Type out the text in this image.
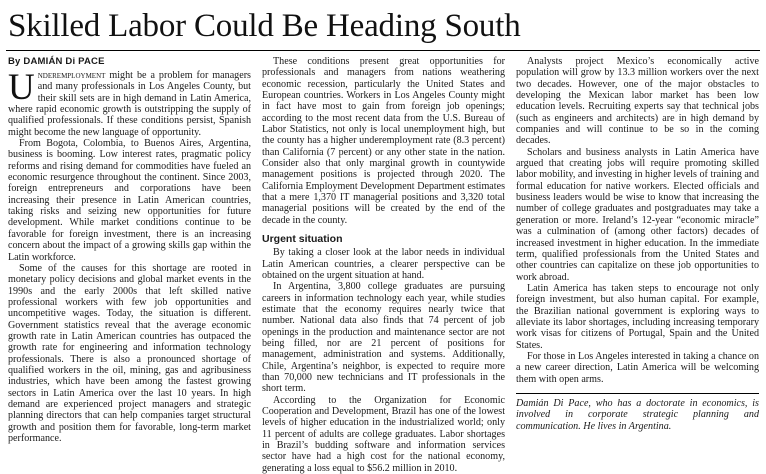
Skilled Labor Could Be Heading South
By DAMIÁN Di PACE

Underemployment might be a problem for managers and many professionals in Los Angeles County, but their skill sets are in high demand in Latin America, where rapid economic growth is outstripping the supply of qualified professionals. If these conditions persist, Spanish might become the new language of opportunity.

From Bogota, Colombia, to Buenos Aires, Argentina, business is booming. Low interest rates, pragmatic policy reforms and rising demand for commodities have fueled an economic resurgence throughout the continent. Since 2003, foreign entrepreneurs and corporations have been increasing their presence in Latin American countries, taking risks and seizing new opportunities for future development. While market conditions continue to be favorable for foreign investment, there is an increasing concern about the impact of a growing skills gap within the Latin workforce.

Some of the causes for this shortage are rooted in monetary policy decisions and global market events in the 1990s and the early 2000s that left skilled native professional workers with few job opportunities and uncompetitive wages. Today, the situation is different. Government statistics reveal that the average economic growth rate in Latin American countries has outpaced the growth rate for engineering and information technology professionals. There is also a pronounced shortage of qualified workers in the oil, mining, gas and agribusiness industries, which have been among the fastest growing sectors in Latin America over the last 10 years. In high demand are experienced project managers and strategic planning directors that can help companies target structural growth and position them for favorable, long-term market performance.

These conditions present great opportunities for professionals and managers from nations weathering economic recession, particularly the United States and European countries. Workers in Los Angeles County might in fact have most to gain from foreign job openings; according to the most recent data from the U.S. Bureau of Labor Statistics, not only is local unemployment high, but the county has a higher underemployment rate (8.3 percent) than California (7 percent) or any other state in the nation. Consider also that only marginal growth in countywide management positions is projected through 2020. The California Employment Development Department estimates that a mere 1,370 IT managerial positions and 3,320 total managerial positions will be created by the end of the decade in the county.

Urgent situation

By taking a closer look at the labor needs in individual Latin American countries, a clearer perspective can be obtained on the urgent situation at hand.

In Argentina, 3,800 college graduates are pursuing careers in information technology each year, while studies estimate that the economy requires nearly twice that number. National data also finds that 74 percent of job openings in the production and maintenance sector are not being filled, nor are 21 percent of positions for management, administration and systems. Additionally, Chile, Argentina’s neighbor, is expected to require more than 70,000 new technicians and IT professionals in the short term.

According to the Organization for Economic Cooperation and Development, Brazil has one of the lowest levels of higher education in the industrialized world; only 11 percent of adults are college graduates. Labor shortages in Brazil’s budding software and information services sector have had a high cost for the national economy, generating a loss equal to $56.2 million in 2010.

Analysts project Mexico’s economically active population will grow by 13.3 million workers over the next two decades. However, one of the major obstacles to developing the Mexican labor market has been low education levels. Recruiting experts say that technical jobs (such as engineers and architects) are in high demand by companies and will continue to be so in the coming decades.

Scholars and business analysts in Latin America have argued that creating jobs will require promoting skilled labor mobility, and investing in higher levels of training and formal education for native workers. Elected officials and business leaders would be wise to know that increasing the number of college graduates and postgraduates may take a generation or more. Ireland’s 12-year “economic miracle” was a culmination of (among other factors) decades of increased investment in higher education. In the immediate term, qualified professionals from the United States and other countries can capitalize on these job opportunities to work abroad.

Latin America has taken steps to encourage not only foreign investment, but also human capital. For example, the Brazilian national government is exploring ways to alleviate its labor shortages, including increasing temporary work visas for citizens of Portugal, Spain and the United States.

For those in Los Angeles interested in taking a chance on a new career direction, Latin America will be welcoming them with open arms.

Damián Di Pace, who has a doctorate in economics, is involved in corporate strategic planning and communication. He lives in Argentina.
